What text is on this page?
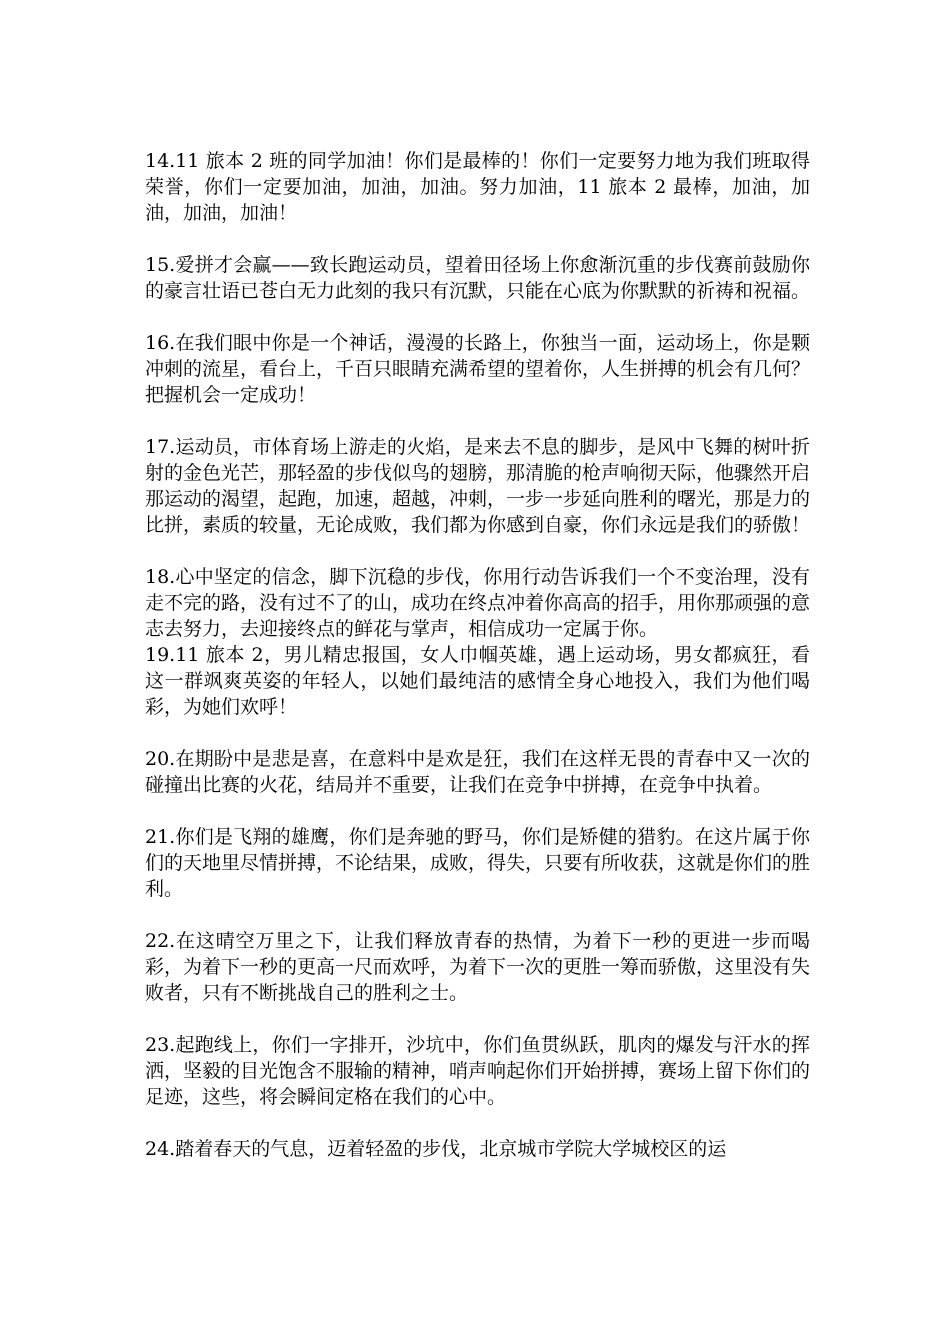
14.11 旅本 2 班的同学加油！你们是最棒的！你们一定要努力地为我们班取得荣誉，你们一定要加油，加油，加油。努力加油，11 旅本 2 最棒，加油，加油，加油，加油！

15.爱拼才会赢——致长跑运动员，望着田径场上你愈渐沉重的步伐赛前鼓励你的豪言壮语已苍白无力此刻的我只有沉默，只能在心底为你默默的祈祷和祝福。

16.在我们眼中你是一个神话，漫漫的长路上，你独当一面，运动场上，你是颗冲刺的流星，看台上，千百只眼睛充满希望的望着你，人生拼搏的机会有几何？把握机会一定成功！

17.运动员，市体育场上游走的火焰，是来去不息的脚步，是风中飞舞的树叶折射的金色光芒，那轻盈的步伐似鸟的翅膀，那清脆的枪声响彻天际，他骤然开启那运动的渴望，起跑，加速，超越，冲刺，一步一步延向胜利的曙光，那是力的比拼，素质的较量，无论成败，我们都为你感到自豪，你们永远是我们的骄傲！

18.心中坚定的信念，脚下沉稳的步伐，你用行动告诉我们一个不变治理，没有走不完的路，没有过不了的山，成功在终点冲着你高高的招手，用你那顽强的意志去努力，去迎接终点的鲜花与掌声，相信成功一定属于你。

19.11 旅本 2，男儿精忠报国，女人巾帼英雄，遇上运动场，男女都疯狂，看这一群飒爽英姿的年轻人，以她们最纯洁的感情全身心地投入，我们为他们喝彩，为她们欢呼！

20.在期盼中是悲是喜，在意料中是欢是狂，我们在这样无畏的青春中又一次的碰撞出比赛的火花，结局并不重要，让我们在竞争中拼搏，在竞争中执着。

21.你们是飞翔的雄鹰，你们是奔驰的野马，你们是矫健的猎豹。在这片属于你们的天地里尽情拼搏，不论结果，成败，得失，只要有所收获，这就是你们的胜利。

22.在这晴空万里之下，让我们释放青春的热情，为着下一秒的更进一步而喝彩，为着下一秒的更高一尺而欢呼，为着下一次的更胜一筹而骄傲，这里没有失败者，只有不断挑战自己的胜利之士。

23.起跑线上，你们一字排开，沙坑中，你们鱼贯纵跃，肌肉的爆发与汗水的挥洒，坚毅的目光饱含不服输的精神，哨声响起你们开始拼搏，赛场上留下你们的足迹，这些，将会瞬间定格在我们的心中。

24.踏着春天的气息，迈着轻盈的步伐，北京城市学院大学城校区的运
